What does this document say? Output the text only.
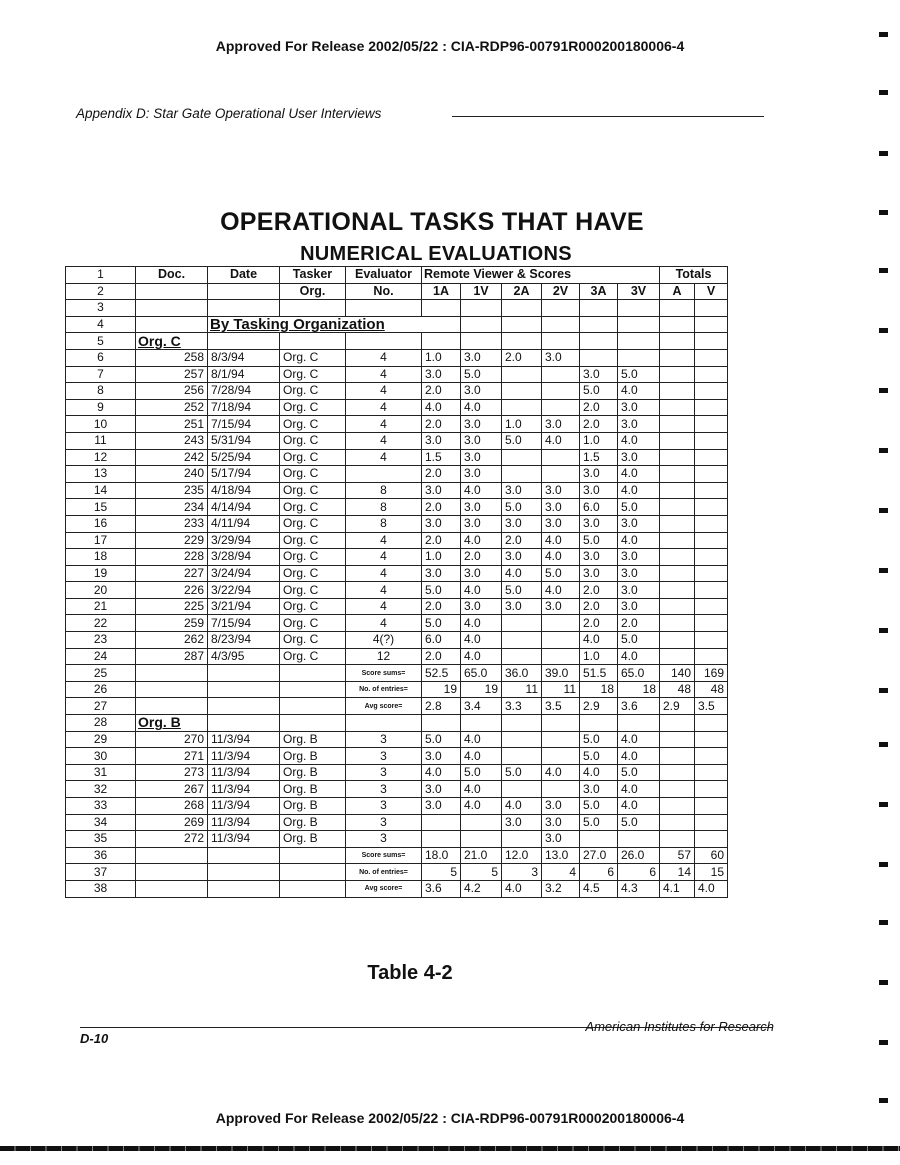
Approved For Release 2002/05/22 : CIA-RDP96-00791R000200180006-4
Appendix D: Star Gate Operational User Interviews
OPERATIONAL TASKS THAT HAVE
NUMERICAL EVALUATIONS
1	Doc.	Date	Tasker	Evaluator	Remote Viewer & Scores						Totals	
2			Org.	No.	1A	1V	2A	2V	3A	3V	A	V
3												
4		By Tasking Organization										
5	Org. C											
6	258	8/3/94	Org. C	4	1.0	3.0	2.0	3.0				
7	257	8/1/94	Org. C	4	3.0	5.0			3.0	5.0		
8	256	7/28/94	Org. C	4	2.0	3.0			5.0	4.0		
9	252	7/18/94	Org. C	4	4.0	4.0			2.0	3.0		
10	251	7/15/94	Org. C	4	2.0	3.0	1.0	3.0	2.0	3.0		
11	243	5/31/94	Org. C	4	3.0	3.0	5.0	4.0	1.0	4.0		
12	242	5/25/94	Org. C	4	1.5	3.0			1.5	3.0		
13	240	5/17/94	Org. C		2.0	3.0			3.0	4.0		
14	235	4/18/94	Org. C	8	3.0	4.0	3.0	3.0	3.0	4.0		
15	234	4/14/94	Org. C	8	2.0	3.0	5.0	3.0	6.0	5.0		
16	233	4/11/94	Org. C	8	3.0	3.0	3.0	3.0	3.0	3.0		
17	229	3/29/94	Org. C	4	2.0	4.0	2.0	4.0	5.0	4.0		
18	228	3/28/94	Org. C	4	1.0	2.0	3.0	4.0	3.0	3.0		
19	227	3/24/94	Org. C	4	3.0	3.0	4.0	5.0	3.0	3.0		
20	226	3/22/94	Org. C	4	5.0	4.0	5.0	4.0	2.0	3.0		
21	225	3/21/94	Org. C	4	2.0	3.0	3.0	3.0	2.0	3.0		
22	259	7/15/94	Org. C	4	5.0	4.0			2.0	2.0		
23	262	8/23/94	Org. C	4(?)	6.0	4.0			4.0	5.0		
24	287	4/3/95	Org. C	12	2.0	4.0			1.0	4.0		
25				Score sums=	52.5	65.0	36.0	39.0	51.5	65.0	140	169
26				No. of entries=	19	19	11	11	18	18	48	48
27				Avg score=	2.8	3.4	3.3	3.5	2.9	3.6	2.9	3.5
28	Org. B											
29	270	11/3/94	Org. B	3	5.0	4.0			5.0	4.0		
30	271	11/3/94	Org. B	3	3.0	4.0			5.0	4.0		
31	273	11/3/94	Org. B	3	4.0	5.0	5.0	4.0	4.0	5.0		
32	267	11/3/94	Org. B	3	3.0	4.0			3.0	4.0		
33	268	11/3/94	Org. B	3	3.0	4.0	4.0	3.0	5.0	4.0		
34	269	11/3/94	Org. B	3			3.0	3.0	5.0	5.0		
35	272	11/3/94	Org. B	3				3.0				
36				Score sums=	18.0	21.0	12.0	13.0	27.0	26.0	57	60
37				No. of entries=	5	5	3	4	6	6	14	15
38				Avg score=	3.6	4.2	4.0	3.2	4.5	4.3	4.1	4.0
Table 4-2
D-10
American Institutes for Research
Approved For Release 2002/05/22 : CIA-RDP96-00791R000200180006-4
